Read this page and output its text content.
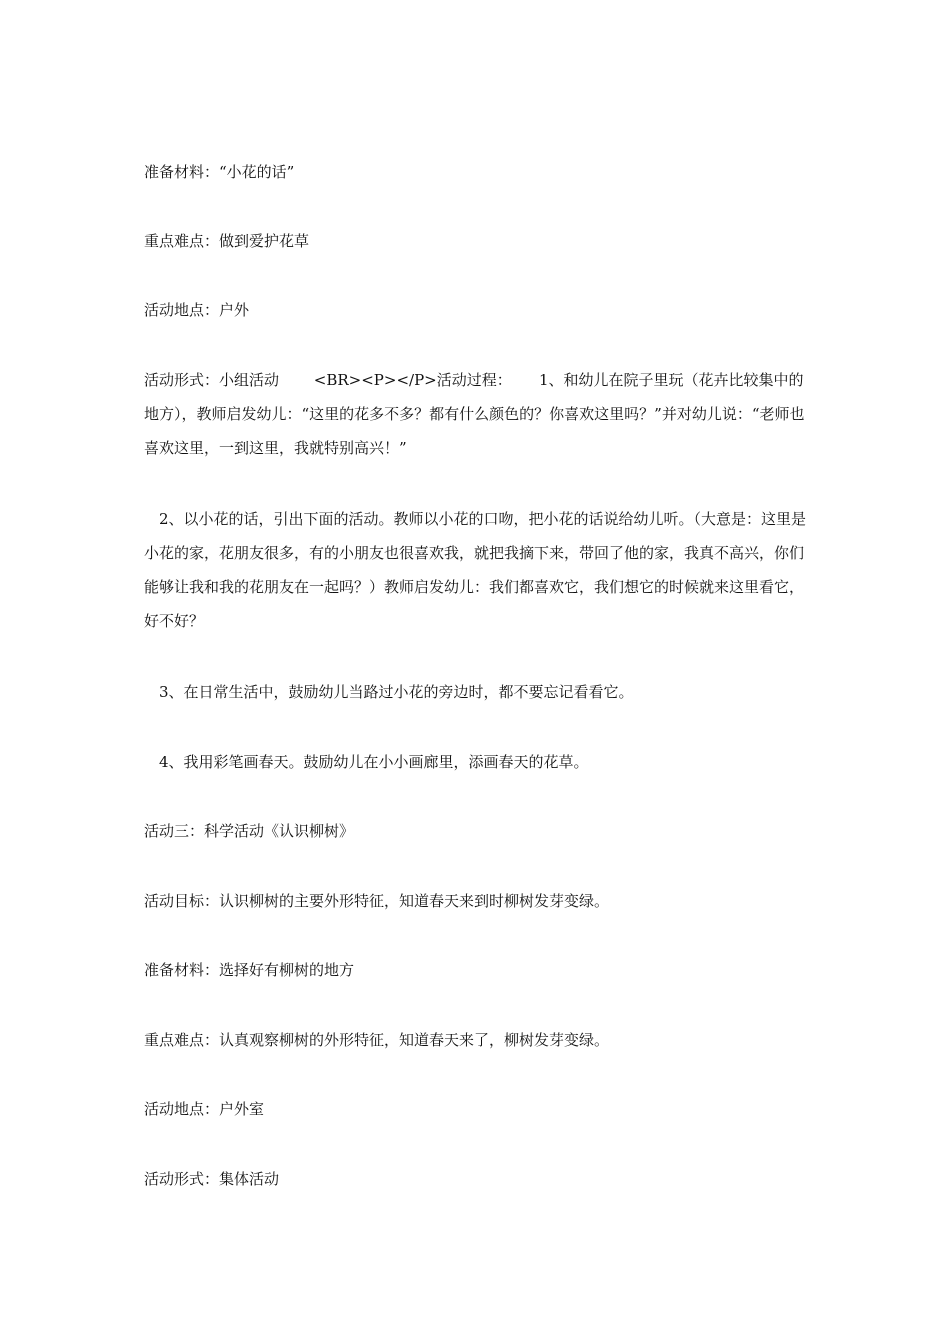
准备材料：“小花的话”

重点难点：做到爱护花草

活动地点：户外

活动形式：小组活动　　 <BR><P></P>活动过程：　　 1、和幼儿在院子里玩（花卉比较集中的地方），教师启发幼儿：“这里的花多不多？都有什么颜色的？你喜欢这里吗？”并对幼儿说：“老师也喜欢这里，一到这里，我就特别高兴！”

　2、以小花的话，引出下面的活动。教师以小花的口吻，把小花的话说给幼儿听。（大意是：这里是小花的家，花朋友很多，有的小朋友也很喜欢我，就把我摘下来，带回了他的家，我真不高兴，你们能够让我和我的花朋友在一起吗？）教师启发幼儿：我们都喜欢它，我们想它的时候就来这里看它，好不好？

　3、在日常生活中，鼓励幼儿当路过小花的旁边时，都不要忘记看看它。

　4、我用彩笔画春天。鼓励幼儿在小小画廊里，添画春天的花草。

活动三：科学活动《认识柳树》

活动目标：认识柳树的主要外形特征，知道春天来到时柳树发芽变绿。

准备材料：选择好有柳树的地方

重点难点：认真观察柳树的外形特征，知道春天来了，柳树发芽变绿。

活动地点：户外室

活动形式：集体活动
